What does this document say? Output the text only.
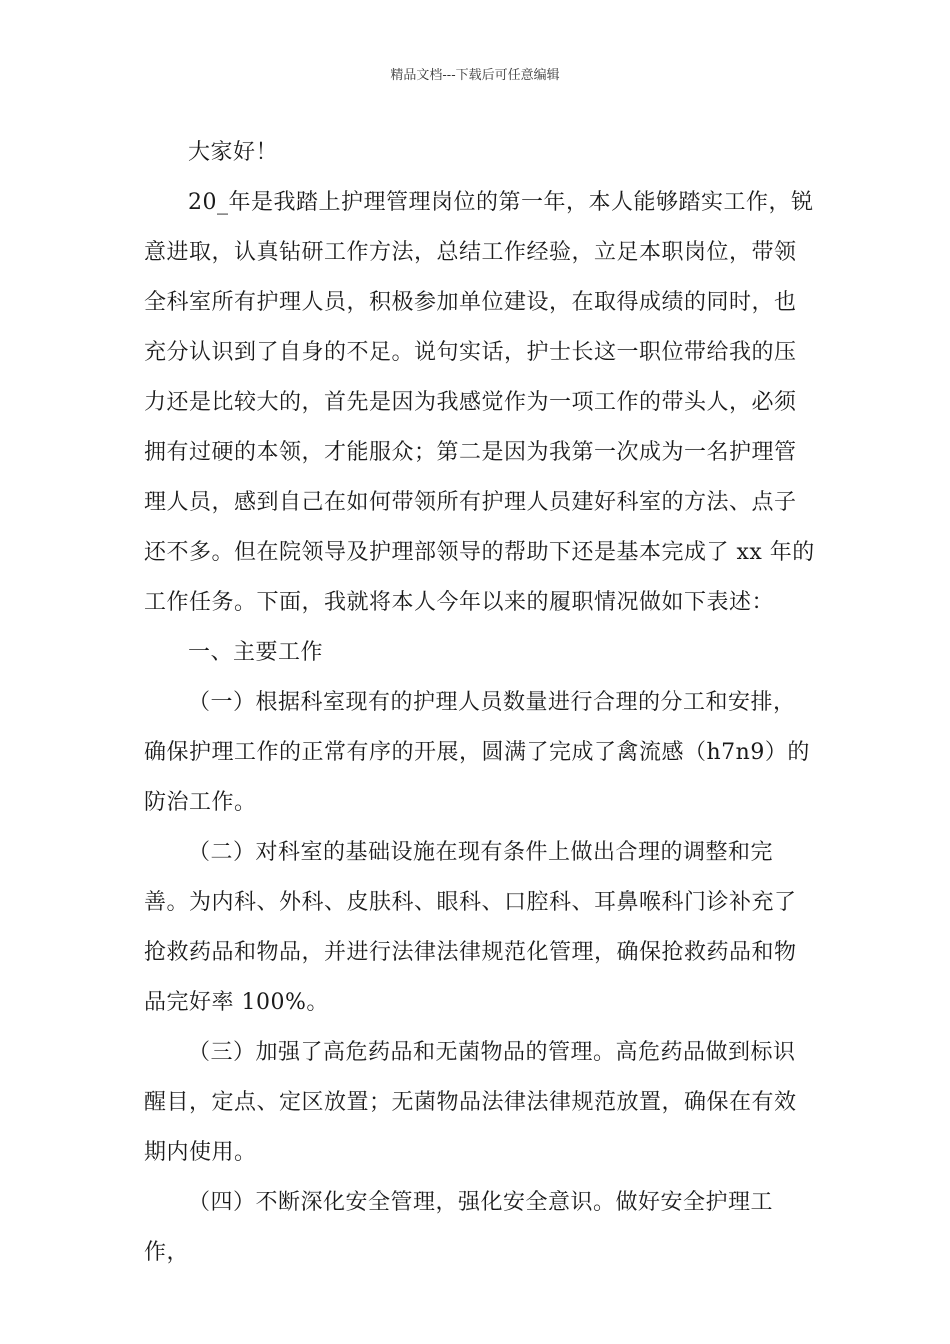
精品文档---下载后可任意编辑

大家好！

20_年是我踏上护理管理岗位的第一年，本人能够踏实工作，锐意进取，认真钻研工作方法，总结工作经验，立足本职岗位，带领全科室所有护理人员，积极参加单位建设，在取得成绩的同时，也充分认识到了自身的不足。说句实话，护士长这一职位带给我的压力还是比较大的，首先是因为我感觉作为一项工作的带头人，必须拥有过硬的本领，才能服众；第二是因为我第一次成为一名护理管理人员，感到自己在如何带领所有护理人员建好科室的方法、点子还不多。但在院领导及护理部领导的帮助下还是基本完成了 xx 年的工作任务。下面，我就将本人今年以来的履职情况做如下表述：

一、主要工作

（一）根据科室现有的护理人员数量进行合理的分工和安排，确保护理工作的正常有序的开展，圆满了完成了禽流感（h7n9）的防治工作。

（二）对科室的基础设施在现有条件上做出合理的调整和完善。为内科、外科、皮肤科、眼科、口腔科、耳鼻喉科门诊补充了抢救药品和物品，并进行法律法律规范化管理，确保抢救药品和物品完好率 100%。

（三）加强了高危药品和无菌物品的管理。高危药品做到标识醒目，定点、定区放置；无菌物品法律法律规范放置，确保在有效期内使用。

（四）不断深化安全管理，强化安全意识。做好安全护理工作，
